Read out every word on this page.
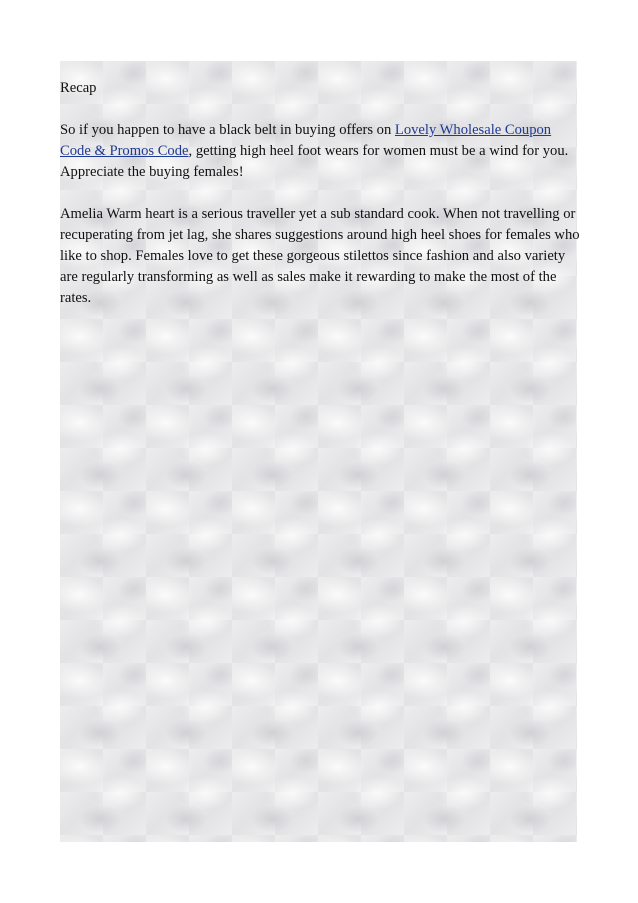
Recap

So if you happen to have a black belt in buying offers on Lovely Wholesale Coupon Code & Promos Code, getting high heel foot wears for women must be a wind for you. Appreciate the buying females!

Amelia Warm heart is a serious traveller yet a sub standard cook. When not travelling or recuperating from jet lag, she shares suggestions around high heel shoes for females who like to shop. Females love to get these gorgeous stilettos since fashion and also variety are regularly transforming as well as sales make it rewarding to make the most of the rates.
